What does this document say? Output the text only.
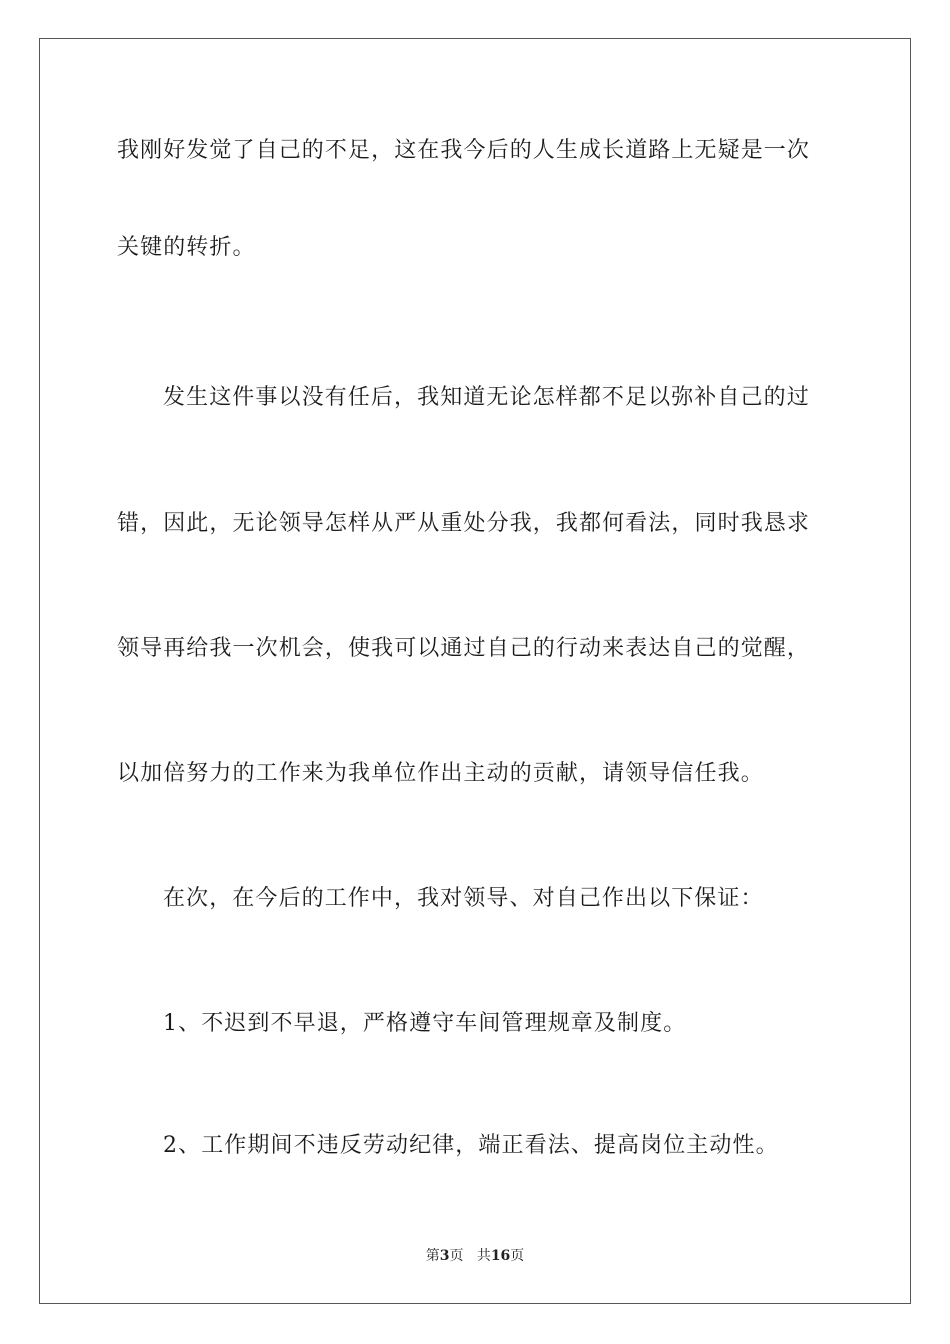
我刚好发觉了自己的不足，这在我今后的人生成长道路上无疑是一次
关键的转折。
发生这件事以没有任后，我知道无论怎样都不足以弥补自己的过
错，因此，无论领导怎样从严从重处分我，我都何看法，同时我恳求
领导再给我一次机会，使我可以通过自己的行动来表达自己的觉醒，
以加倍努力的工作来为我单位作出主动的贡献，请领导信任我。
在次，在今后的工作中，我对领导、对自己作出以下保证：
1、不迟到不早退，严格遵守车间管理规章及制度。
2、工作期间不违反劳动纪律，端正看法、提高岗位主动性。
第3页 共16页
